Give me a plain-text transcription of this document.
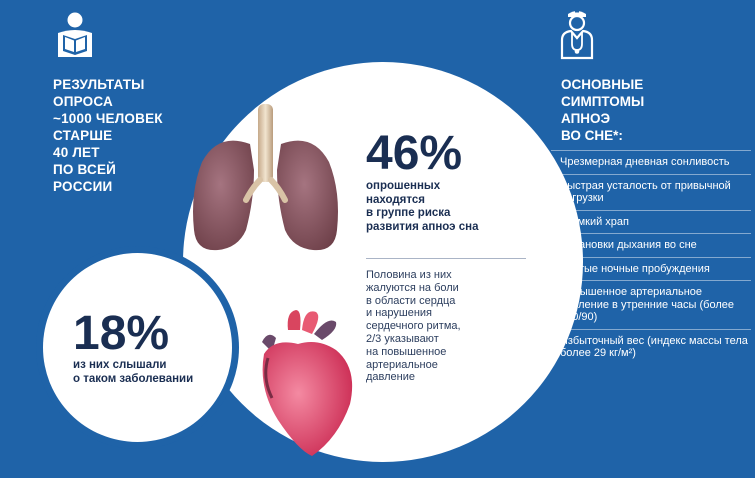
РЕЗУЛЬТАТЫ
ОПРОСА
~1000 ЧЕЛОВЕК
СТАРШЕ
40 ЛЕТ
ПО ВСЕЙ
РОССИИ
46%
опрошенных
находятся
в группе риска
развития апноэ сна
Половина из них
жалуются на боли
в области сердца
и нарушения
сердечного ритма,
2/3 указывают
на повышенное
артериальное
давление
18%
из них слышали
о таком заболевании
ОСНОВНЫЕ
СИМПТОМЫ
АПНОЭ
ВО СНЕ*:
Чрезмерная дневная сонливость
Быстрая усталость от привычной нагрузки
Громкий храп
Остановки дыхания во сне
Частые ночные пробуждения
Повышенное артериальное давление в утренние часы (более 140/90)
Избыточный вес (индекс массы тела более 29 кг/м²)
